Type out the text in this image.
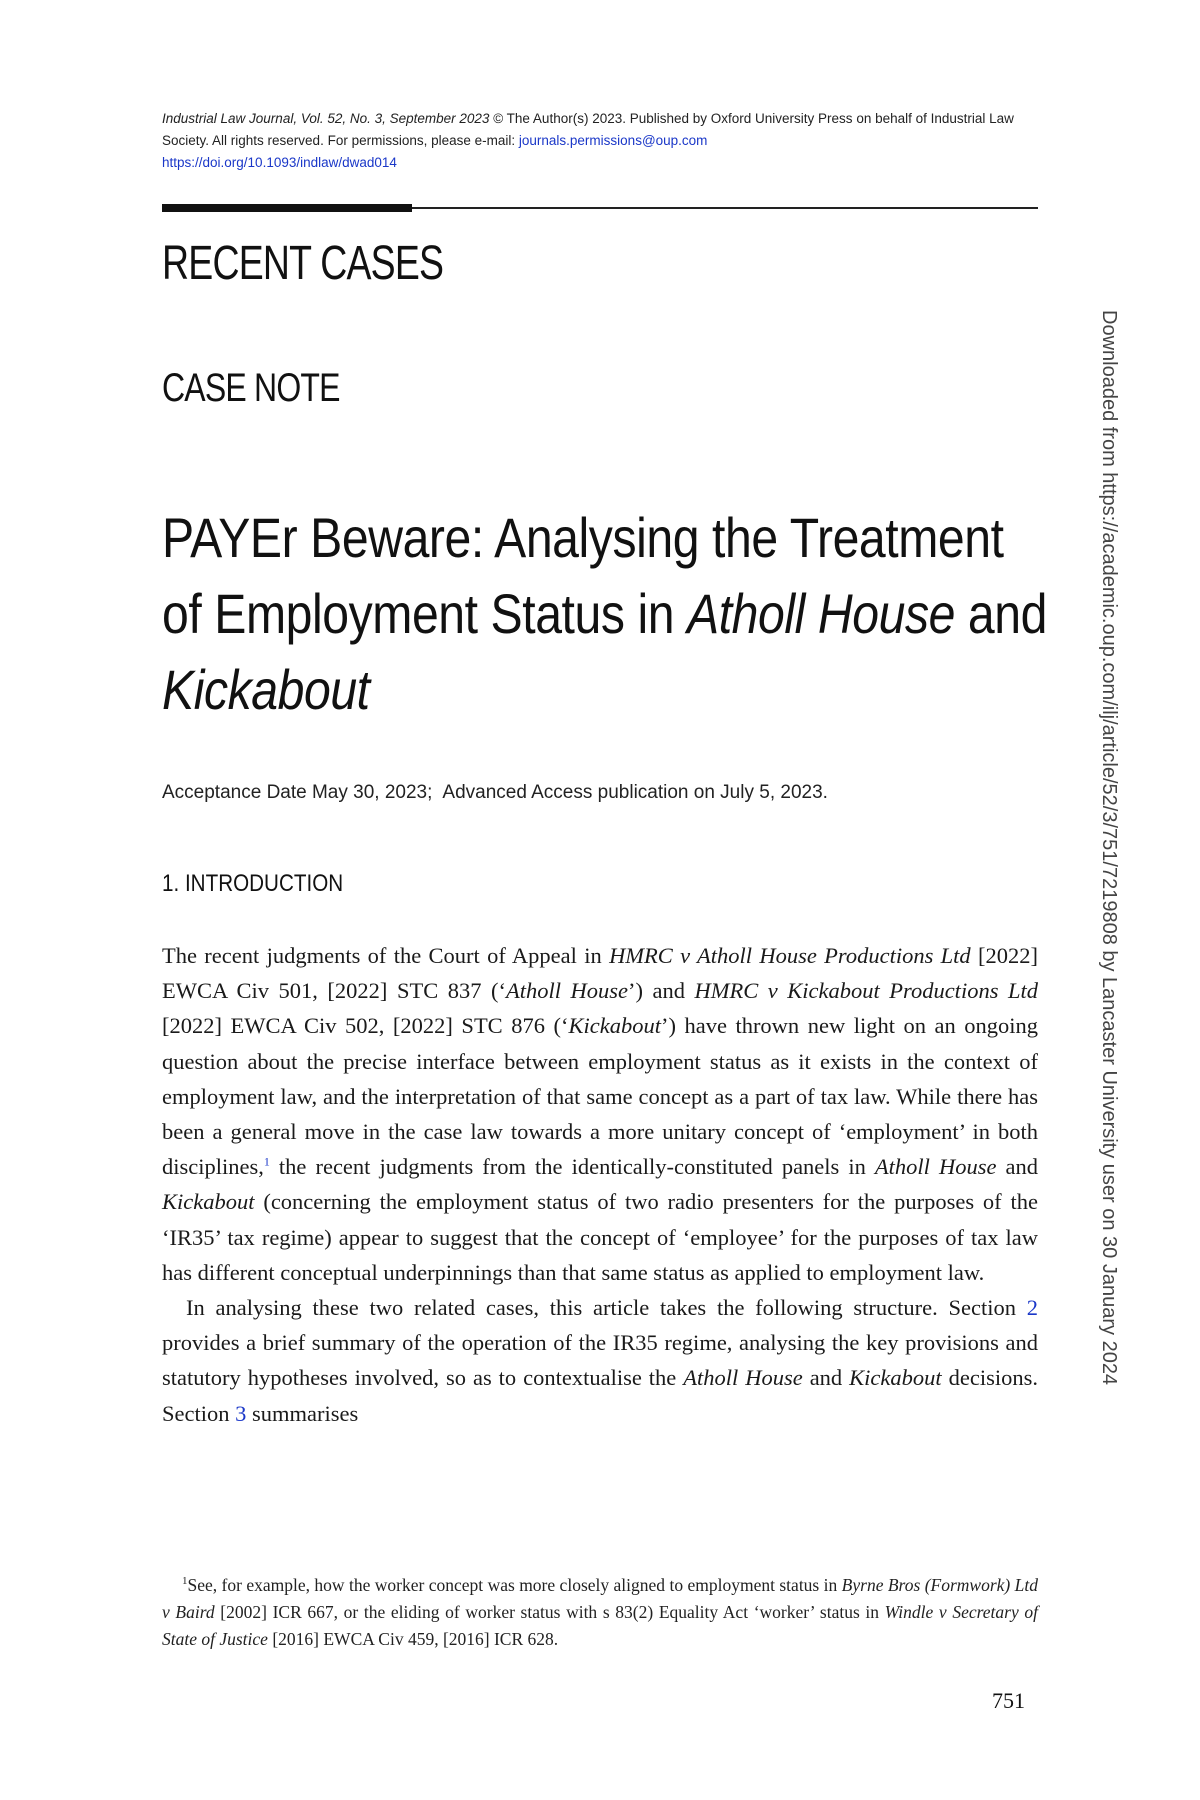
Industrial Law Journal, Vol. 52, No. 3, September 2023 © The Author(s) 2023. Published by Oxford University Press on behalf of Industrial Law Society. All rights reserved. For permissions, please e-mail: journals.permissions@oup.com
https://doi.org/10.1093/indlaw/dwad014
RECENT CASES
CASE NOTE
PAYEr Beware: Analysing the Treatment
of Employment Status in Atholl House and
Kickabout
Acceptance Date May 30, 2023; Advanced Access publication on July 5, 2023.
1. INTRODUCTION

The recent judgments of the Court of Appeal in HMRC v Atholl House Productions Ltd [2022] EWCA Civ 501, [2022] STC 837 (‘Atholl House’) and HMRC v Kickabout Productions Ltd [2022] EWCA Civ 502, [2022] STC 876 (‘Kickabout’) have thrown new light on an ongoing question about the precise interface between employment status as it exists in the context of employment law, and the interpretation of that same concept as a part of tax law. While there has been a general move in the case law towards a more unitary concept of ‘employment’ in both disciplines,$^1$ the recent judgments from the identically-constituted panels in Atholl House and Kickabout (concerning the employment status of two radio presenters for the purposes of the ‘IR35’ tax regime) appear to suggest that the concept of ‘employee’ for the purposes of tax law has different conceptual underpinnings than that same status as applied to employment law.

In analysing these two related cases, this article takes the following structure. Section 2 provides a brief summary of the operation of the IR35 regime, analysing the key provisions and statutory hypotheses involved, so as to contextualise the Atholl House and Kickabout decisions. Section 3 summarises

$^1$See, for example, how the worker concept was more closely aligned to employment status in Byrne Bros (Formwork) Ltd v Baird [2002] ICR 667, or the eliding of worker status with s 83(2) Equality Act ‘worker’ status in Windle v Secretary of State of Justice [2016] EWCA Civ 459, [2016] ICR 628.

751
Downloaded from https://academic.oup.com/ilj/article/52/3/751/7219808 by Lancaster University user on 30 January 2024
